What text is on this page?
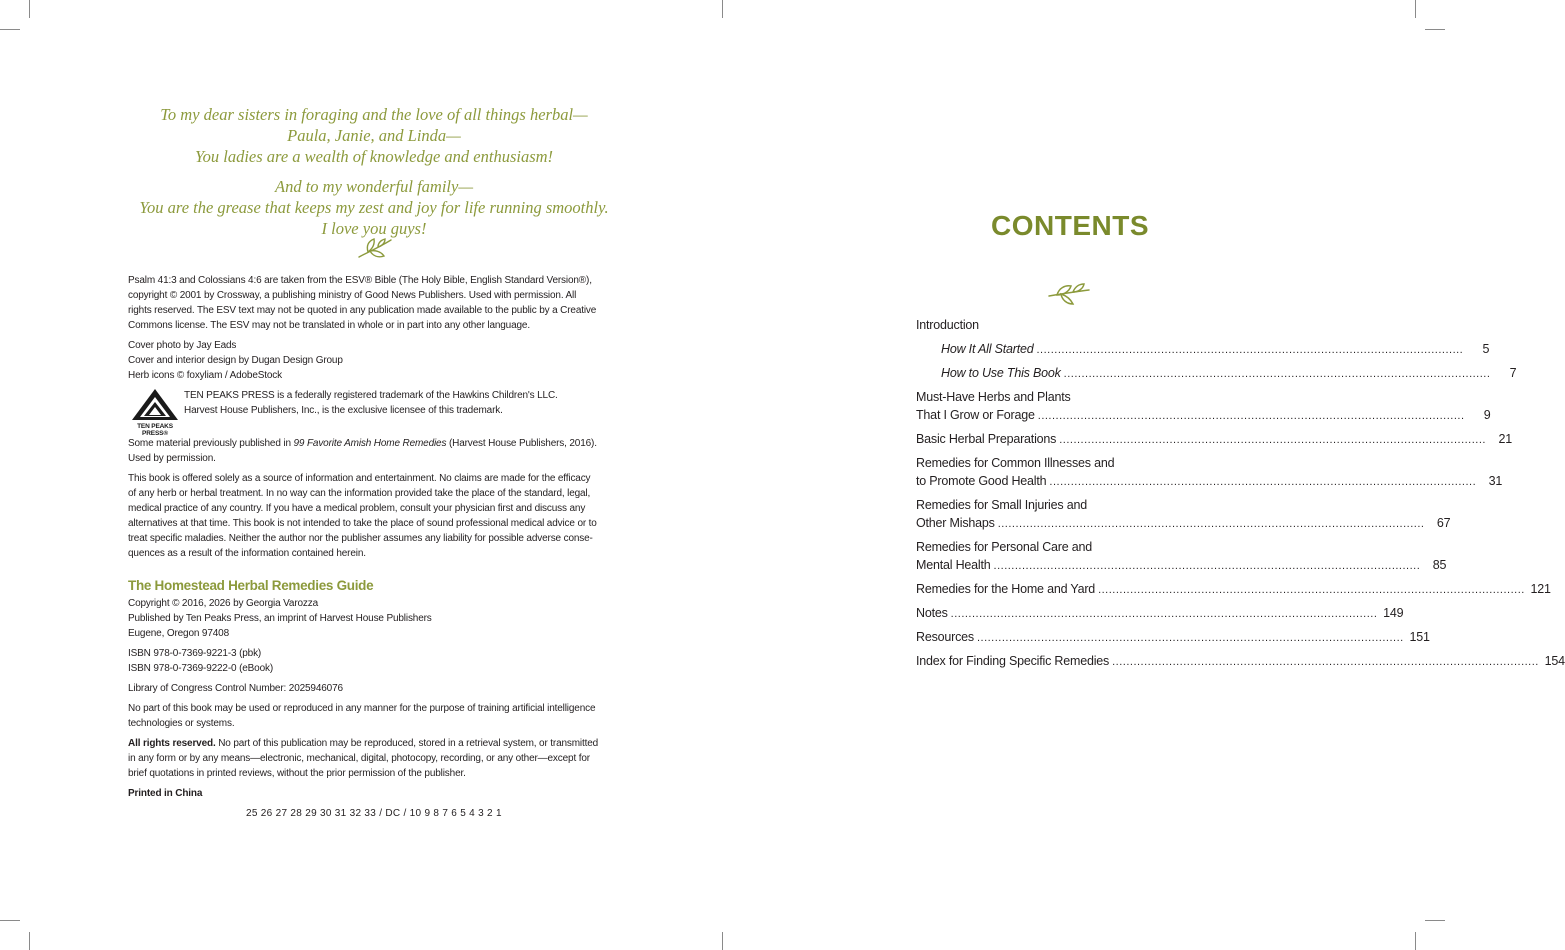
To my dear sisters in foraging and the love of all things herbal—

Paula, Janie, and Linda—

You ladies are a wealth of knowledge and enthusiasm!

And to my wonderful family—

You are the grease that keeps my zest and joy for life running smoothly.

I love you guys!

Psalm 41:3 and Colossians 4:6 are taken from the ESV® Bible (The Holy Bible, English Standard Version®),
copyright © 2001 by Crossway, a publishing ministry of Good News Publishers. Used with permission. All
rights reserved. The ESV text may not be quoted in any publication made available to the public by a Creative
Commons license. The ESV may not be translated in whole or in part into any other language.

Cover photo by Jay Eads
Cover and interior design by Dugan Design Group
Herb icons © foxyliam / AdobeStock

TEN PEAKS
PRESS®

TEN PEAKS PRESS is a federally registered trademark of the Hawkins Children's LLC.
Harvest House Publishers, Inc., is the exclusive licensee of this trademark.

Some material previously published in 99 Favorite Amish Home Remedies (Harvest House Publishers, 2016).
Used by permission.

This book is offered solely as a source of information and entertainment. No claims are made for the efficacy
of any herb or herbal treatment. In no way can the information provided take the place of the standard, legal,
medical practice of any country. If you have a medical problem, consult your physician first and discuss any
alternatives at that time. This book is not intended to take the place of sound professional medical advice or to
treat specific maladies. Neither the author nor the publisher assumes any liability for possible adverse conse-
quences as a result of the information contained herein.

The Homestead Herbal Remedies Guide

Copyright © 2016, 2026 by Georgia Varozza
Published by Ten Peaks Press, an imprint of Harvest House Publishers
Eugene, Oregon 97408

ISBN 978-0-7369-9221-3 (pbk)
ISBN 978-0-7369-9222-0 (eBook)

Library of Congress Control Number: 2025946076

No part of this book may be used or reproduced in any manner for the purpose of training artificial intelligence
technologies or systems.

All rights reserved. No part of this publication may be reproduced, stored in a retrieval system, or transmitted
in any form or by any means—electronic, mechanical, digital, photocopy, recording, or any other—except for
brief quotations in printed reviews, without the prior permission of the publisher.

Printed in China

25 26 27 28 29 30 31 32 33 / DC / 10 9 8 7 6 5 4 3 2 1

CONTENTS
Introduction
How It All Started ........................................................................................................................	5
How to Use This Book ........................................................................................................................	7
Must-Have Herbs and Plants
That I Grow or Forage ........................................................................................................................	9
Basic Herbal Preparations ........................................................................................................................ 21
Remedies for Common Illnesses and
to Promote Good Health ........................................................................................................................ 31
Remedies for Small Injuries and
Other Mishaps ........................................................................................................................ 67
Remedies for Personal Care and
Mental Health ........................................................................................................................ 85
Remedies for the Home and Yard ........................................................................................................................ 121
Notes ........................................................................................................................ 149
Resources ........................................................................................................................ 151
Index for Finding Specific Remedies ........................................................................................................................ 154
